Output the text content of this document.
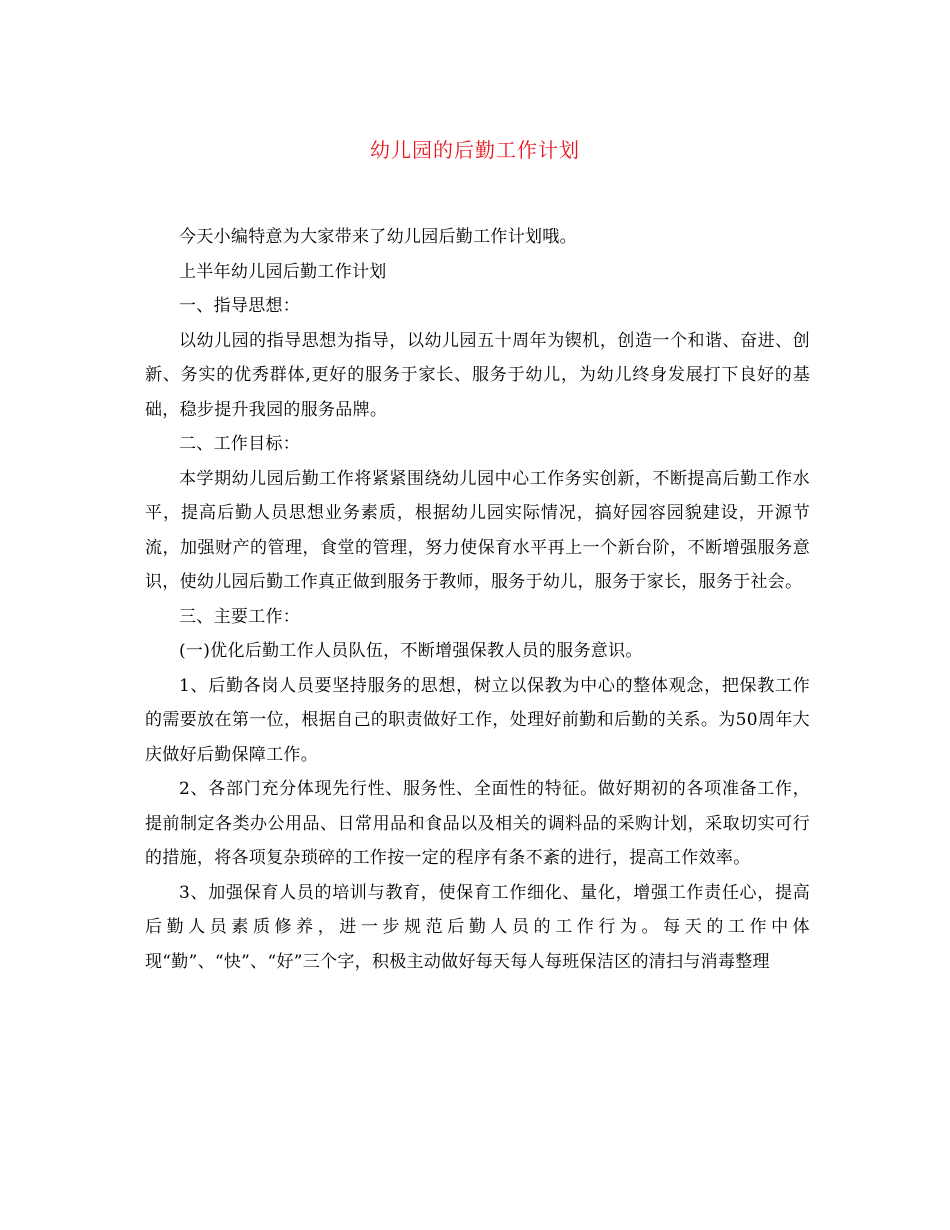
幼儿园的后勤工作计划

今天小编特意为大家带来了幼儿园后勤工作计划哦。

上半年幼儿园后勤工作计划

一、指导思想：

以幼儿园的指导思想为指导，以幼儿园五十周年为锲机，创造一个和谐、奋进、创新、务实的优秀群体,更好的服务于家长、服务于幼儿，为幼儿终身发展打下良好的基础，稳步提升我园的服务品牌。

二、工作目标：

本学期幼儿园后勤工作将紧紧围绕幼儿园中心工作务实创新，不断提高后勤工作水平，提高后勤人员思想业务素质，根据幼儿园实际情况，搞好园容园貌建设，开源节流，加强财产的管理，食堂的管理，努力使保育水平再上一个新台阶，不断增强服务意识，使幼儿园后勤工作真正做到服务于教师，服务于幼儿，服务于家长，服务于社会。

三、主要工作：

(一)优化后勤工作人员队伍，不断增强保教人员的服务意识。

1、后勤各岗人员要坚持服务的思想，树立以保教为中心的整体观念，把保教工作的需要放在第一位，根据自己的职责做好工作，处理好前勤和后勤的关系。为50周年大庆做好后勤保障工作。

2、各部门充分体现先行性、服务性、全面性的特征。做好期初的各项准备工作，提前制定各类办公用品、日常用品和食品以及相关的调料品的采购计划，采取切实可行的措施，将各项复杂琐碎的工作按一定的程序有条不紊的进行，提高工作效率。

3、加强保育人员的培训与教育，使保育工作细化、量化，增强工作责任心，提高后勤人员素质修养，进一步规范后勤人员的工作行为。每天的工作中体现“勤”、“快”、“好”三个字，积极主动做好每天每人每班保洁区的清扫与消毒整理
